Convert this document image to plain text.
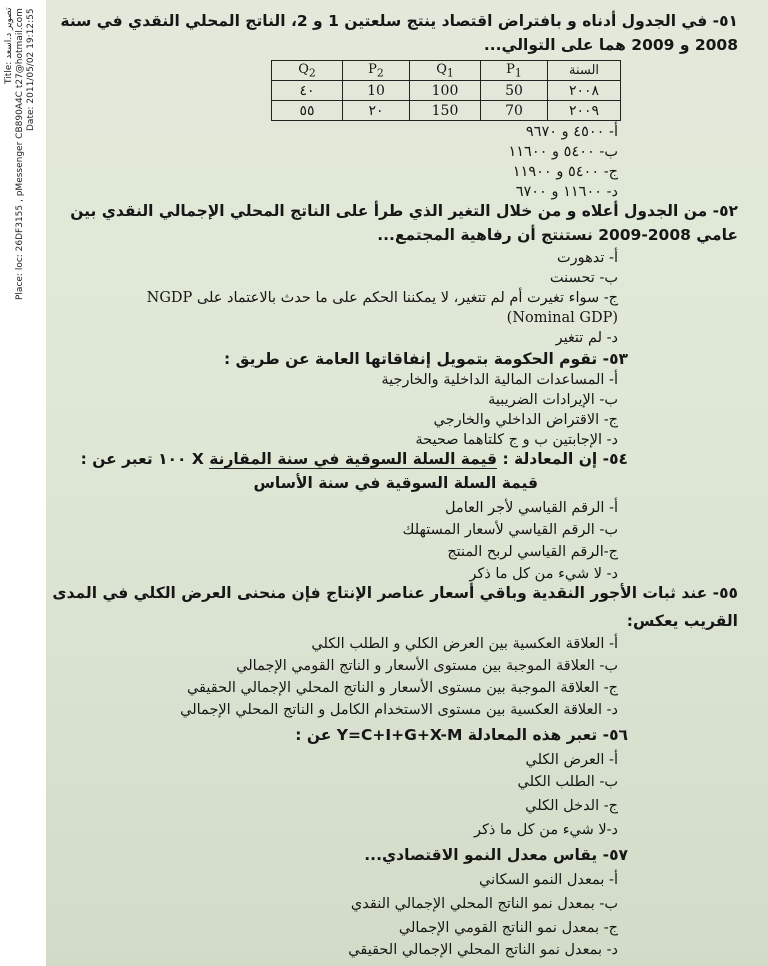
Title: تصوير د.اسعد Place: loc: 26DF3155 , pMessenger CB890A4C t27@hotmail.com Date: 2011/05/02 19:12:55 ٥١- في الجدول أدناه و بافتراض اقتصاد ينتج سلعتين 1 و 2، الناتج المحلي النقدي في سنة
2008 و 2009 هما على التوالي...
$Q_2$	$P_2$	$Q_1$	$P_1$	السنة
٤٠	10	100	50	٢٠٠٨
٥٥	٢٠	150	70	٢٠٠٩
أ- ٤٥٠٠ و ٩٦٧٠
ب- ٥٤٠٠ و ١١٦٠٠
ج- ٥٤٠٠ و ١١٩٠٠
د- ١١٦٠٠ و ٦٧٠٠
٥٢- من الجدول أعلاه و من خلال التغير الذي طرأ على الناتج المحلي الإجمالي النقدي بين
عامي 2008-2009 نستنتج أن رفاهية المجتمع...
أ- تدهورت
ب- تحسنت
ج- سواء تغيرت أم لم تتغير، لا يمكننا الحكم على ما حدث بالاعتماد على NGDP
(Nominal GDP)
د- لم تتغير
٥٣- تقوم الحكومة بتمويل إنفاقاتها العامة عن طريق :
أ- المساعدات المالية الداخلية والخارجية
ب- الإيرادات الضريبية
ج- الاقتراض الداخلي والخارجي
د- الإجابتين ب و ج كلتاهما صحيحة
٥٤- إن المعادلة : قيمة السلة السوقية في سنة المقارنة X ١٠٠ تعبر عن :
قيمة السلة السوقية في سنة الأساس
أ- الرقم القياسي لأجر العامل
ب- الرقم القياسي لأسعار المستهلك
ج-الرقم القياسي لربح المنتج
د- لا شيء من كل ما ذكر
٥٥- عند ثبات الأجور النقدية وباقي أسعار عناصر الإنتاج فإن منحنى العرض الكلي في المدى
القريب يعكس:
أ- العلاقة العكسية بين العرض الكلي و الطلب الكلي
ب- العلاقة الموجبة بين مستوى الأسعار و الناتج القومي الإجمالي
ج- العلاقة الموجبة بين مستوى الأسعار و الناتج المحلي الإجمالي الحقيقي
د- العلاقة العكسية بين مستوى الاستخدام الكامل و الناتج المحلي الإجمالي
٥٦- تعبر هذه المعادلة Y=C+I+G+X-M عن :
أ- العرض الكلي
ب- الطلب الكلي
ج- الدخل الكلي
د-لا شيء من كل ما ذكر
٥٧- يقاس معدل النمو الاقتصادي...
أ- بمعدل النمو السكاني
ب- بمعدل نمو الناتج المحلي الإجمالي النقدي
ج- بمعدل نمو الناتج القومي الإجمالي
د- بمعدل نمو الناتج المحلي الإجمالي الحقيقي
